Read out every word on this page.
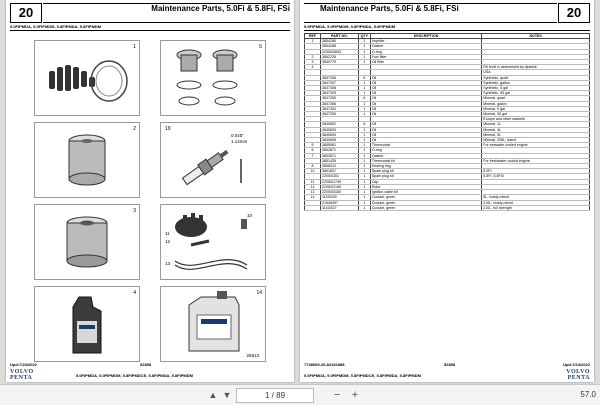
20	Maintenance Parts, 5.0Fi & 5.8Fi, FSi
5.0FIPMDA, 5.0FIPMDM, 5.8FIPMDA, 5.8FIPMDM
1	5
2	19
0.045"
1.14mm
3
11
12
13
10
4	14
25913
Upd:7/24/2022	52898
VOLVO
PENTA	5.0FIPMDA, 5.0FIPMDM, 5.8FIPMDCE, 5.8FIPMDA, 5.8FIPMDM
20
Maintenance Parts, 5.0Fi & 5.8Fi, FSi
5.0FIPMDA, 5.0FIPMDM, 5.8FIPMDA, 5.8FIPMDM
REF	PART NO.	QTY	DESCRIPTION	NOTES
1	3854286	1	Impeller	
	3854288	1	Gasket	
	22054/3653	1	O-ring	
2	3862228	1	Fuel filter	
3	3840779	1	Oil filter	
4				Fill level is determined by dipstick.
				USA
	3847306	6	Oil	Synthetic, quart
	3847307	1	Oil	Synthetic, gallon
	3847308	1	Oil	Synthetic, 5 gal
	3847309	1	Oil	Synthetic, 55 gal
	3847260	6	Oil	Mineral, quart
	3847266	1	Oil	Mineral, gallon
	3847304	1	Oil	Mineral, 5 gal
	3847305	1	Oil	Mineral, 55 gal
				Europe and other markets
	3840692	6	Oil	Mineral, 1L
	3840693	1	Oil	Mineral, 4L
	3840694	1	Oil	Mineral, 5L
	3840695	1	Oil	Mineral, 208L, barrel
5	3855961	1	Thermostat	For seawater cooled engine
6	3852871	1	O-ring	
7	3852871	1	Gasket	
	3851435	1	Thermostat kit	For freshwater cooled engine
8	3856312	1	Sealing ring	
10	3851657	1	Spark plug kit	5.0FI
	22054/301	1	Spark plug kit	5.8FI, 5.8FSI
11	22054/1749	1	Cap	
12	22054/2165	1	Rotor	
13	22054/5180	1	Ignition cable kit	
14	1143/425	1	Coolant, green	5L, ready-mixed
	21545497	1	Coolant, green	210L, ready-mixed
	1143/427	1	Coolant, green	210L, full strength
7748069-20-84181888	52898	Upd:7/24/2022
5.0FIPMDA, 5.0FIPMDM, 5.8FIPMDCE, 5.8FIPMDA, 5.8FIPMDM
VOLVO
PENTA
▲ ▼	1 / 89	−	+	57.0
